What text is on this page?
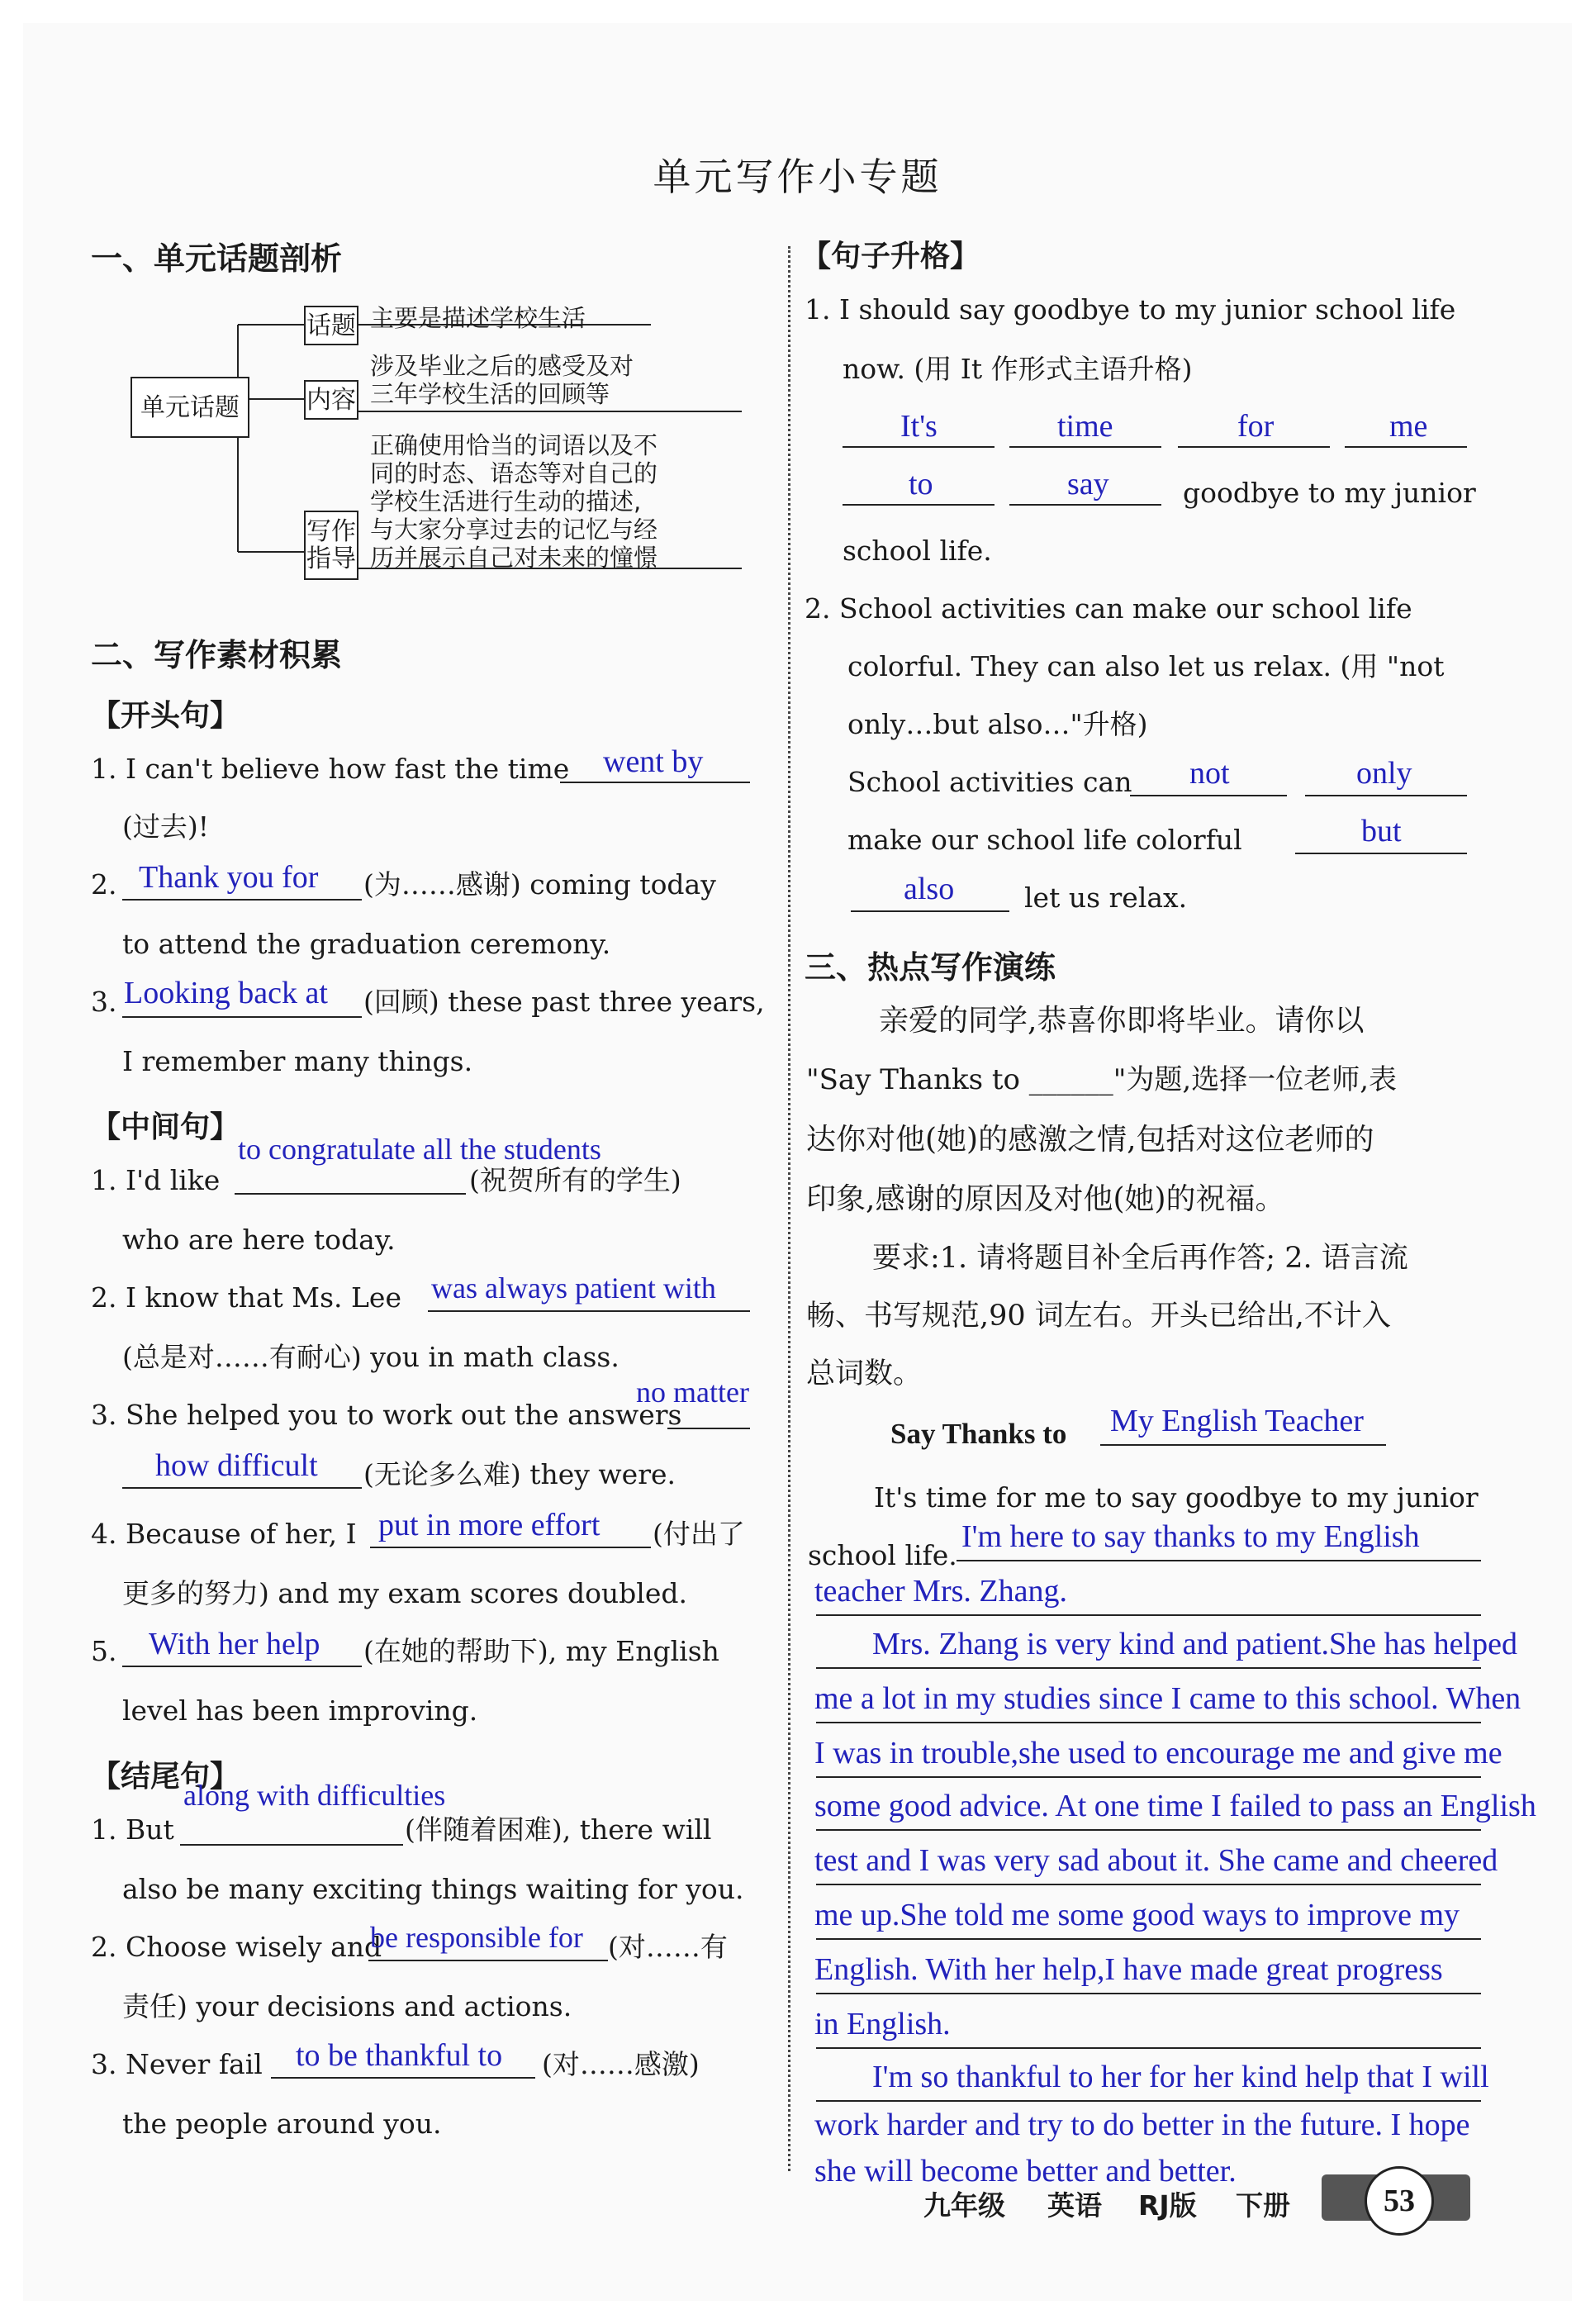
单元写作小专题
一、单元话题剖析
单元话题
话题 主要是描述学校生活
内容
涉及毕业之后的感受及对
三年学校生活的回顾等
写作
指导
正确使用恰当的词语以及不
同的时态、语态等对自己的
学校生活进行生动的描述,
与大家分享过去的记忆与经
历并展示自己对未来的憧憬
二、写作素材积累
【开头句】
1. I can't believe how fast the time went by
(过去)!
2. Thank you for (为……感谢) coming today
to attend the graduation ceremony.
3. Looking back at (回顾) these past three years,
I remember many things.
【中间句】
to congratulate all the students
1. I'd like	(祝贺所有的学生)
who are here today.
2. I know that Ms. Lee was always patient with
(总是对……有耐心) you in math class.
3. She helped you to work out the answers
no matter
how difficult (无论多么难) they were.
4. Because of her, I put in more effort (付出了
更多的努力) and my exam scores doubled.
5. With her help (在她的帮助下), my English
level has been improving.
【结尾句】
along with difficulties
1. But	(伴随着困难), there will
also be many exciting things waiting for you.
2. Choose wisely and
be responsible for (对……有
责任) your decisions and actions.
3. Never fail to be thankful to (对……感激)
the people around you.
【句子升格】
1. I should say goodbye to my junior school life
now. (用 It 作形式主语升格)
It's	time	for	me
to	say	goodbye to my junior
school life.
2. School activities can make our school life
colorful. They can also let us relax. (用 "not
only…but also…"升格)
School activities can not	only
make our school life colorful	but
also	let us relax.
三、热点写作演练
亲爱的同学,恭喜你即将毕业。请你以
"Say Thanks to ______"为题,选择一位老师,表
达你对他(她)的感激之情,包括对这位老师的
印象,感谢的原因及对他(她)的祝福。
要求:1. 请将题目补全后再作答; 2. 语言流
畅、书写规范,90 词左右。开头已给出,不计入
总词数。
Say Thanks to My English Teacher
It's time for me to say goodbye to my junior
school life.
I'm here to say thanks to my English
teacher Mrs. Zhang.
Mrs. Zhang is very kind and patient.She has helped
me a lot in my studies since I came to this school. When
I was in trouble,she used to encourage me and give me
some good advice. At one time I failed to pass an English
test and I was very sad about it. She came and cheered
me up.She told me some good ways to improve my
English. With her help,I have made great progress
in English.
I'm so thankful to her for her kind help that I will
work harder and try to do better in the future. I hope
she will become better and better.
九年级 英语 RJ版 下册	53
